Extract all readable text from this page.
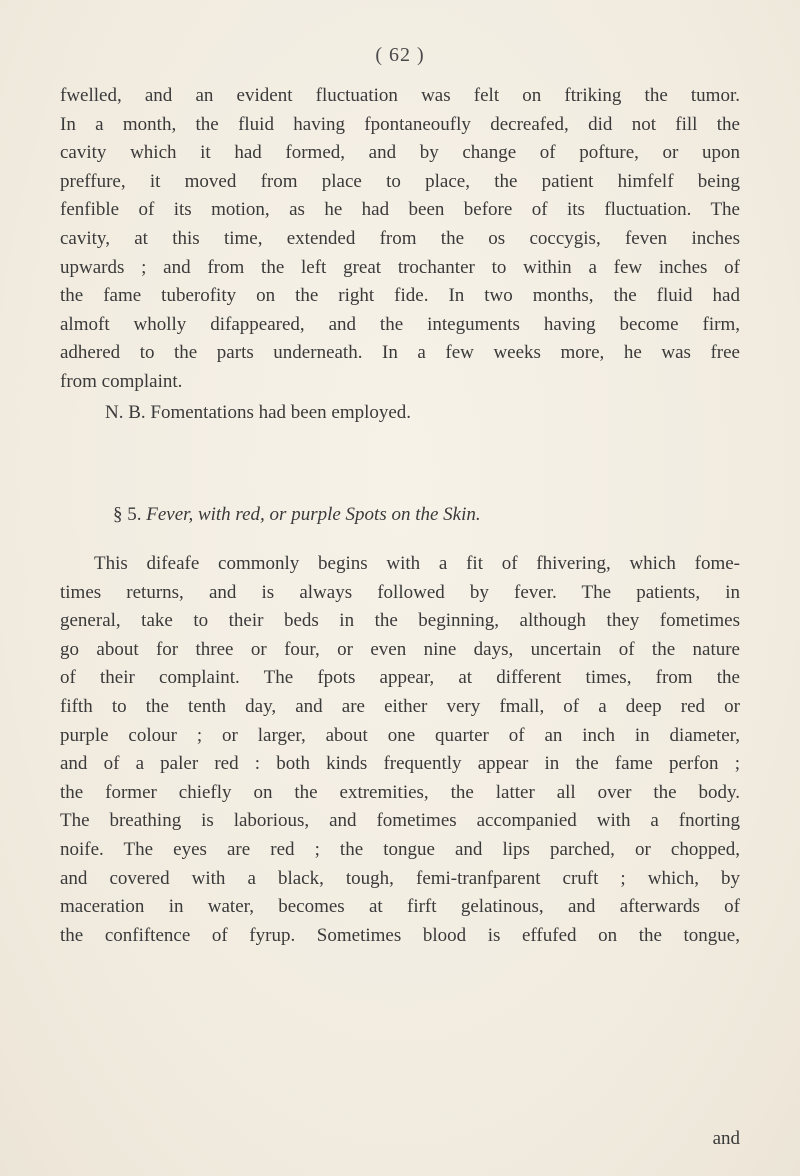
( 62 )
fwelled, and an evident fluctuation was felt on ftriking the tumor.
In a month, the fluid having fpontaneoufly decreafed, did not fill the
cavity which it had formed, and by change of pofture, or upon
preffure, it moved from place to place, the patient himfelf being
fenfible of its motion, as he had been before of its fluctuation. The
cavity, at this time, extended from the os coccygis, feven inches
upwards ; and from the left great trochanter to within a few inches of
the fame tuberofity on the right fide. In two months, the fluid had
almoft wholly difappeared, and the integuments having become firm,
adhered to the parts underneath. In a few weeks more, he was free
from complaint.
N. B. Fomentations had been employed.
§ 5. Fever, with red, or purple Spots on the Skin.
This difeafe commonly begins with a fit of fhivering, which fome-
times returns, and is always followed by fever. The patients, in
general, take to their beds in the beginning, although they fometimes
go about for three or four, or even nine days, uncertain of the nature
of their complaint. The fpots appear, at different times, from the
fifth to the tenth day, and are either very fmall, of a deep red or
purple colour ; or larger, about one quarter of an inch in diameter,
and of a paler red : both kinds frequently appear in the fame perfon ;
the former chiefly on the extremities, the latter all over the body.
The breathing is laborious, and fometimes accompanied with a fnorting
noife. The eyes are red ; the tongue and lips parched, or chopped,
and covered with a black, tough, femi-tranfparent cruft ; which, by
maceration in water, becomes at firft gelatinous, and afterwards of
the confiftence of fyrup. Sometimes blood is effufed on the tongue,
and
